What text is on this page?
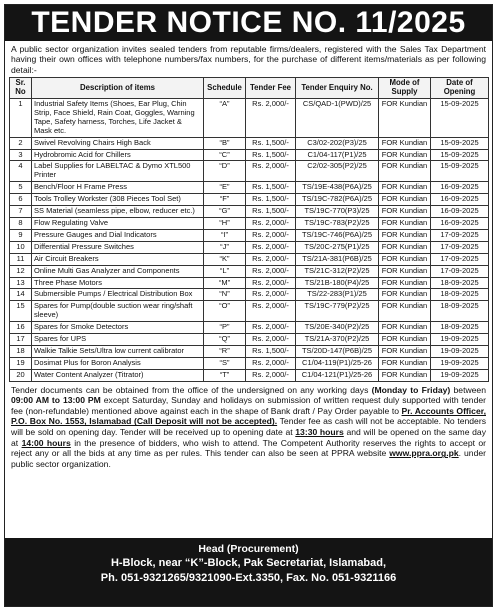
TENDER NOTICE NO. 11/2025
A public sector organization invites sealed tenders from reputable firms/dealers, registered with the Sales Tax Department having their own offices with telephone numbers/fax numbers, for the purchase of different items/materials as per following detail:-
Sr. No	Description of items	Schedule	Tender Fee	Tender Enquiry No.	Mode of Supply	Date of Opening
1	Industrial Safety Items (Shoes, Ear Plug, Chin Strip, Face Shield, Rain Coat, Goggles, Warning Tape, Safety harness, Torches, Life Jacket & Mask etc.	“A”	Rs. 2,000/-	CS/QAD-1(PWD)/25	FOR Kundian	15-09-2025
2	Swivel Revolving Chairs High Back	“B”	Rs. 1,500/-	C3/02-202(P3)/25	FOR Kundian	15-09-2025
3	Hydrobromic Acid for Chillers	“C”	Rs. 1,500/-	C1/04-117(P1)/25	FOR Kundian	15-09-2025
4	Label Supplies for LABELTAC & Dymo XTL500 Printer	“D”	Rs. 2,000/-	C2/02-305(P2)/25	FOR Kundian	15-09-2025
5	Bench/Floor H Frame Press	“E”	Rs. 1,500/-	TS/19E-438(P6A)/25	FOR Kundian	16-09-2025
6	Tools Trolley Workster (308 Pieces Tool Set)	“F”	Rs. 1,500/-	TS/19C-782(P6A)/25	FOR Kundian	16-09-2025
7	SS Material (seamless pipe, elbow, reducer etc.)	“G”	Rs. 1,500/-	TS/19C-770(P3)/25	FOR Kundian	16-09-2025
8	Flow Regulating Valve	“H”	Rs. 2,000/-	TS/19C-783(P2)/25	FOR Kundian	16-09-2025
9	Pressure Gauges and Dial Indicators	“I”	Rs. 2,000/-	TS/19C-746(P6A)/25	FOR Kundian	17-09-2025
10	Differential Pressure Switches	“J”	Rs. 2,000/-	TS/20C-275(P1)/25	FOR Kundian	17-09-2025
11	Air Circuit Breakers	“K”	Rs. 2,000/-	TS/21A-381(P6B)/25	FOR Kundian	17-09-2025
12	Online Multi Gas Analyzer and Components	“L”	Rs. 2,000/-	TS/21C-312(P2)/25	FOR Kundian	17-09-2025
13	Three Phase Motors	“M”	Rs. 2,000/-	TS/21B-180(P4)/25	FOR Kundian	18-09-2025
14	Submersible Pumps / Electrical Distribution Box	“N”	Rs. 2,000/-	TS/22-283(P1)/25	FOR Kundian	18-09-2025
15	Spares for Pump(double suction wear ring/shaft sleeve)	“O”	Rs. 2,000/-	TS/19C-779(P2)/25	FOR Kundian	18-09-2025
16	Spares for Smoke Detectors	“P”	Rs. 2,000/-	TS/20E-340(P2)/25	FOR Kundian	18-09-2025
17	Spares for UPS	“Q”	Rs. 2,000/-	TS/21A-370(P2)/25	FOR Kundian	19-09-2025
18	Walkie Talkie Sets/Ultra low current calibrator	“R”	Rs. 1,500/-	TS/20D-147(P6B)/25	FOR Kundian	19-09-2025
19	Dosimat Plus for Boron Analysis	“S”	Rs. 2,000/-	C1/04-119(P1)/25-26	FOR Kundian	19-09-2025
20	Water Content Analyzer (Titrator)	“T”	Rs. 2,000/-	C1/04-121(P1)/25-26	FOR Kundian	19-09-2025
Tender documents can be obtained from the office of the undersigned on any working days (Monday to Friday) between 09:00 AM to 13:00 PM except Saturday, Sunday and holidays on submission of written request duly supported with tender fee (non-refundable) mentioned above against each in the shape of Bank draft / Pay Order payable to Pr. Accounts Officer, P.O. Box No. 1553, Islamabad (Call Deposit will not be accepted). Tender fee as cash will not be acceptable. No tenders will be sold on opening day. Tender will be received up to opening date at 13:30 hours and will be opened on the same day at 14:00 hours in the presence of bidders, who wish to attend. The Competent Authority reserves the rights to accept or reject any or all the bids at any time as per rules. This tender can also be seen at PPRA website www.ppra.org.pk. under public sector organization.
Head (Procurement)
H-Block, near “K”-Block, Pak Secretariat, Islamabad,
Ph. 051-9321265/9321090-Ext.3350, Fax. No. 051-9321166
